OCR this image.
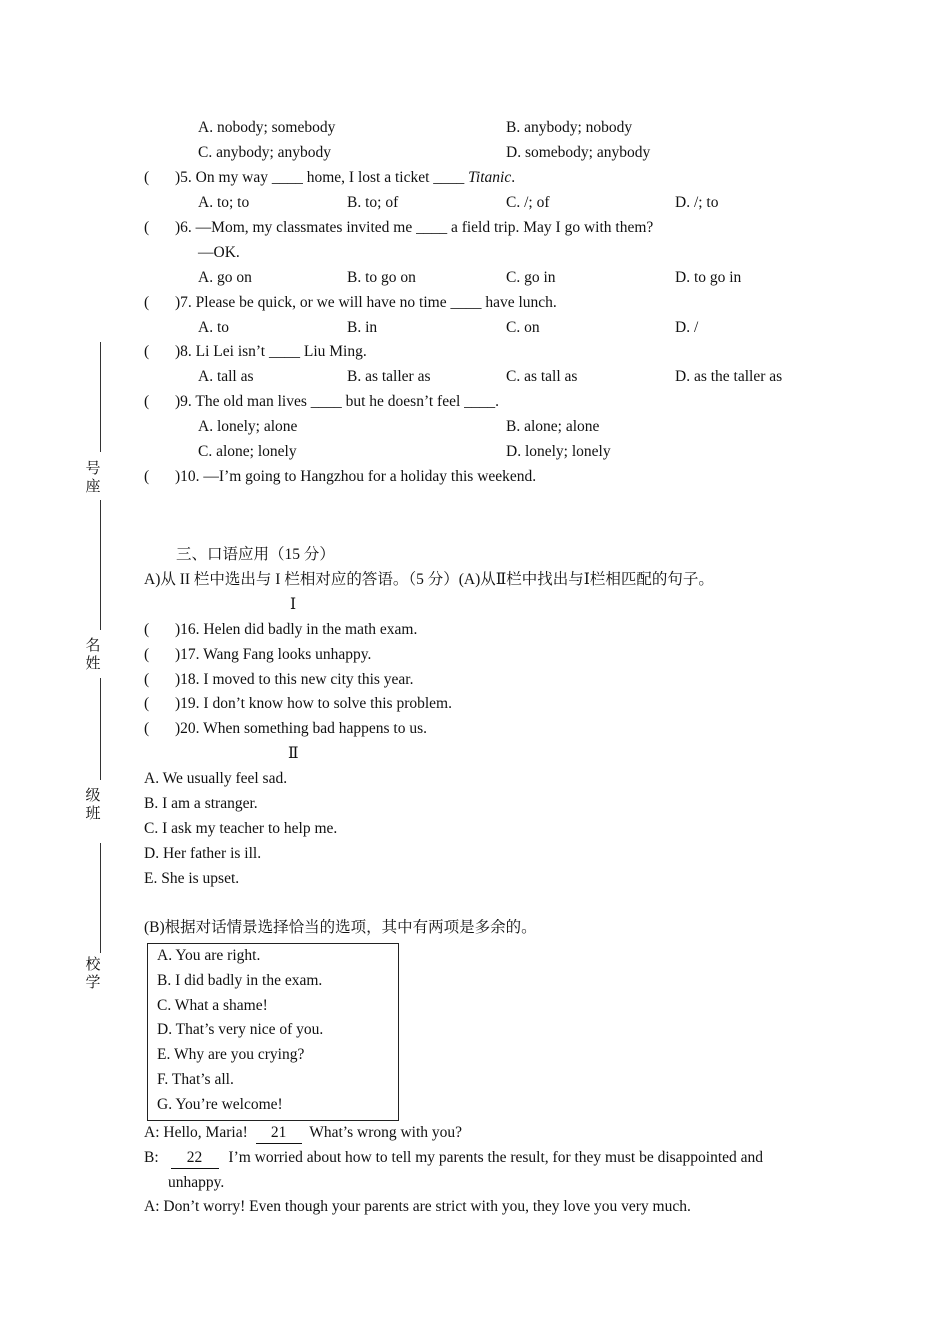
号
座
名
姓
级
班
校
学
A. nobody; somebody	B. anybody; nobody
C. anybody; anybody	D. somebody; anybody
( )5. On my way ____ home, I lost a ticket ____ Titanic.
A. to; to	B. to; of	C. /; of	D. /; to
( )6. —Mom, my classmates invited me ____ a field trip. May I go with them?
—OK.
A. go on	B. to go on	C. go in	D. to go in
( )7. Please be quick, or we will have no time ____ have lunch.
A. to	B. in	C. on	D. /
( )8. Li Lei isn’t ____ Liu Ming.
A. tall as	B. as taller as	C. as tall as	D. as the taller as
( )9. The old man lives ____ but he doesn’t feel _​___.
A. lonely; alone	B. alone; alone
C. alone; lonely	D. lonely; lonely
( )10. —I’m going to Hangzhou for a holiday this weekend.
三、口语应用（15 分）
A)从 II 栏中选出与 I 栏相对应的答语。（5 分）(A)从Ⅱ栏中找出与Ⅰ栏相匹配的句子。
Ⅰ
( )16. Helen did badly in the math exam.
( )17. Wang Fang looks unhappy.
( )18. I moved to this new city this year.
( )19. I don’t know how to solve this problem.
( )20. When something bad happens to us.
Ⅱ
A. We usually feel sad.
B. I am a stranger.
C. I ask my teacher to help me.
D. Her father is ill.
E. She is upset.
(B)根据对话情景选择恰当的选项，其中有两项是多余的。
A. You are right.
B. I did badly in the exam.
C. What a shame!
D. That’s very nice of you.
E. Why are you crying?
F. That’s all.
G. You’re welcome!
A: Hello, Maria! 21 What’s wrong with you?
B: 22 I’m worried about how to tell my parents the result, for they must be disappointed and
unhappy.
A: Don’t worry! Even though your parents are strict with you, they love you very much.
